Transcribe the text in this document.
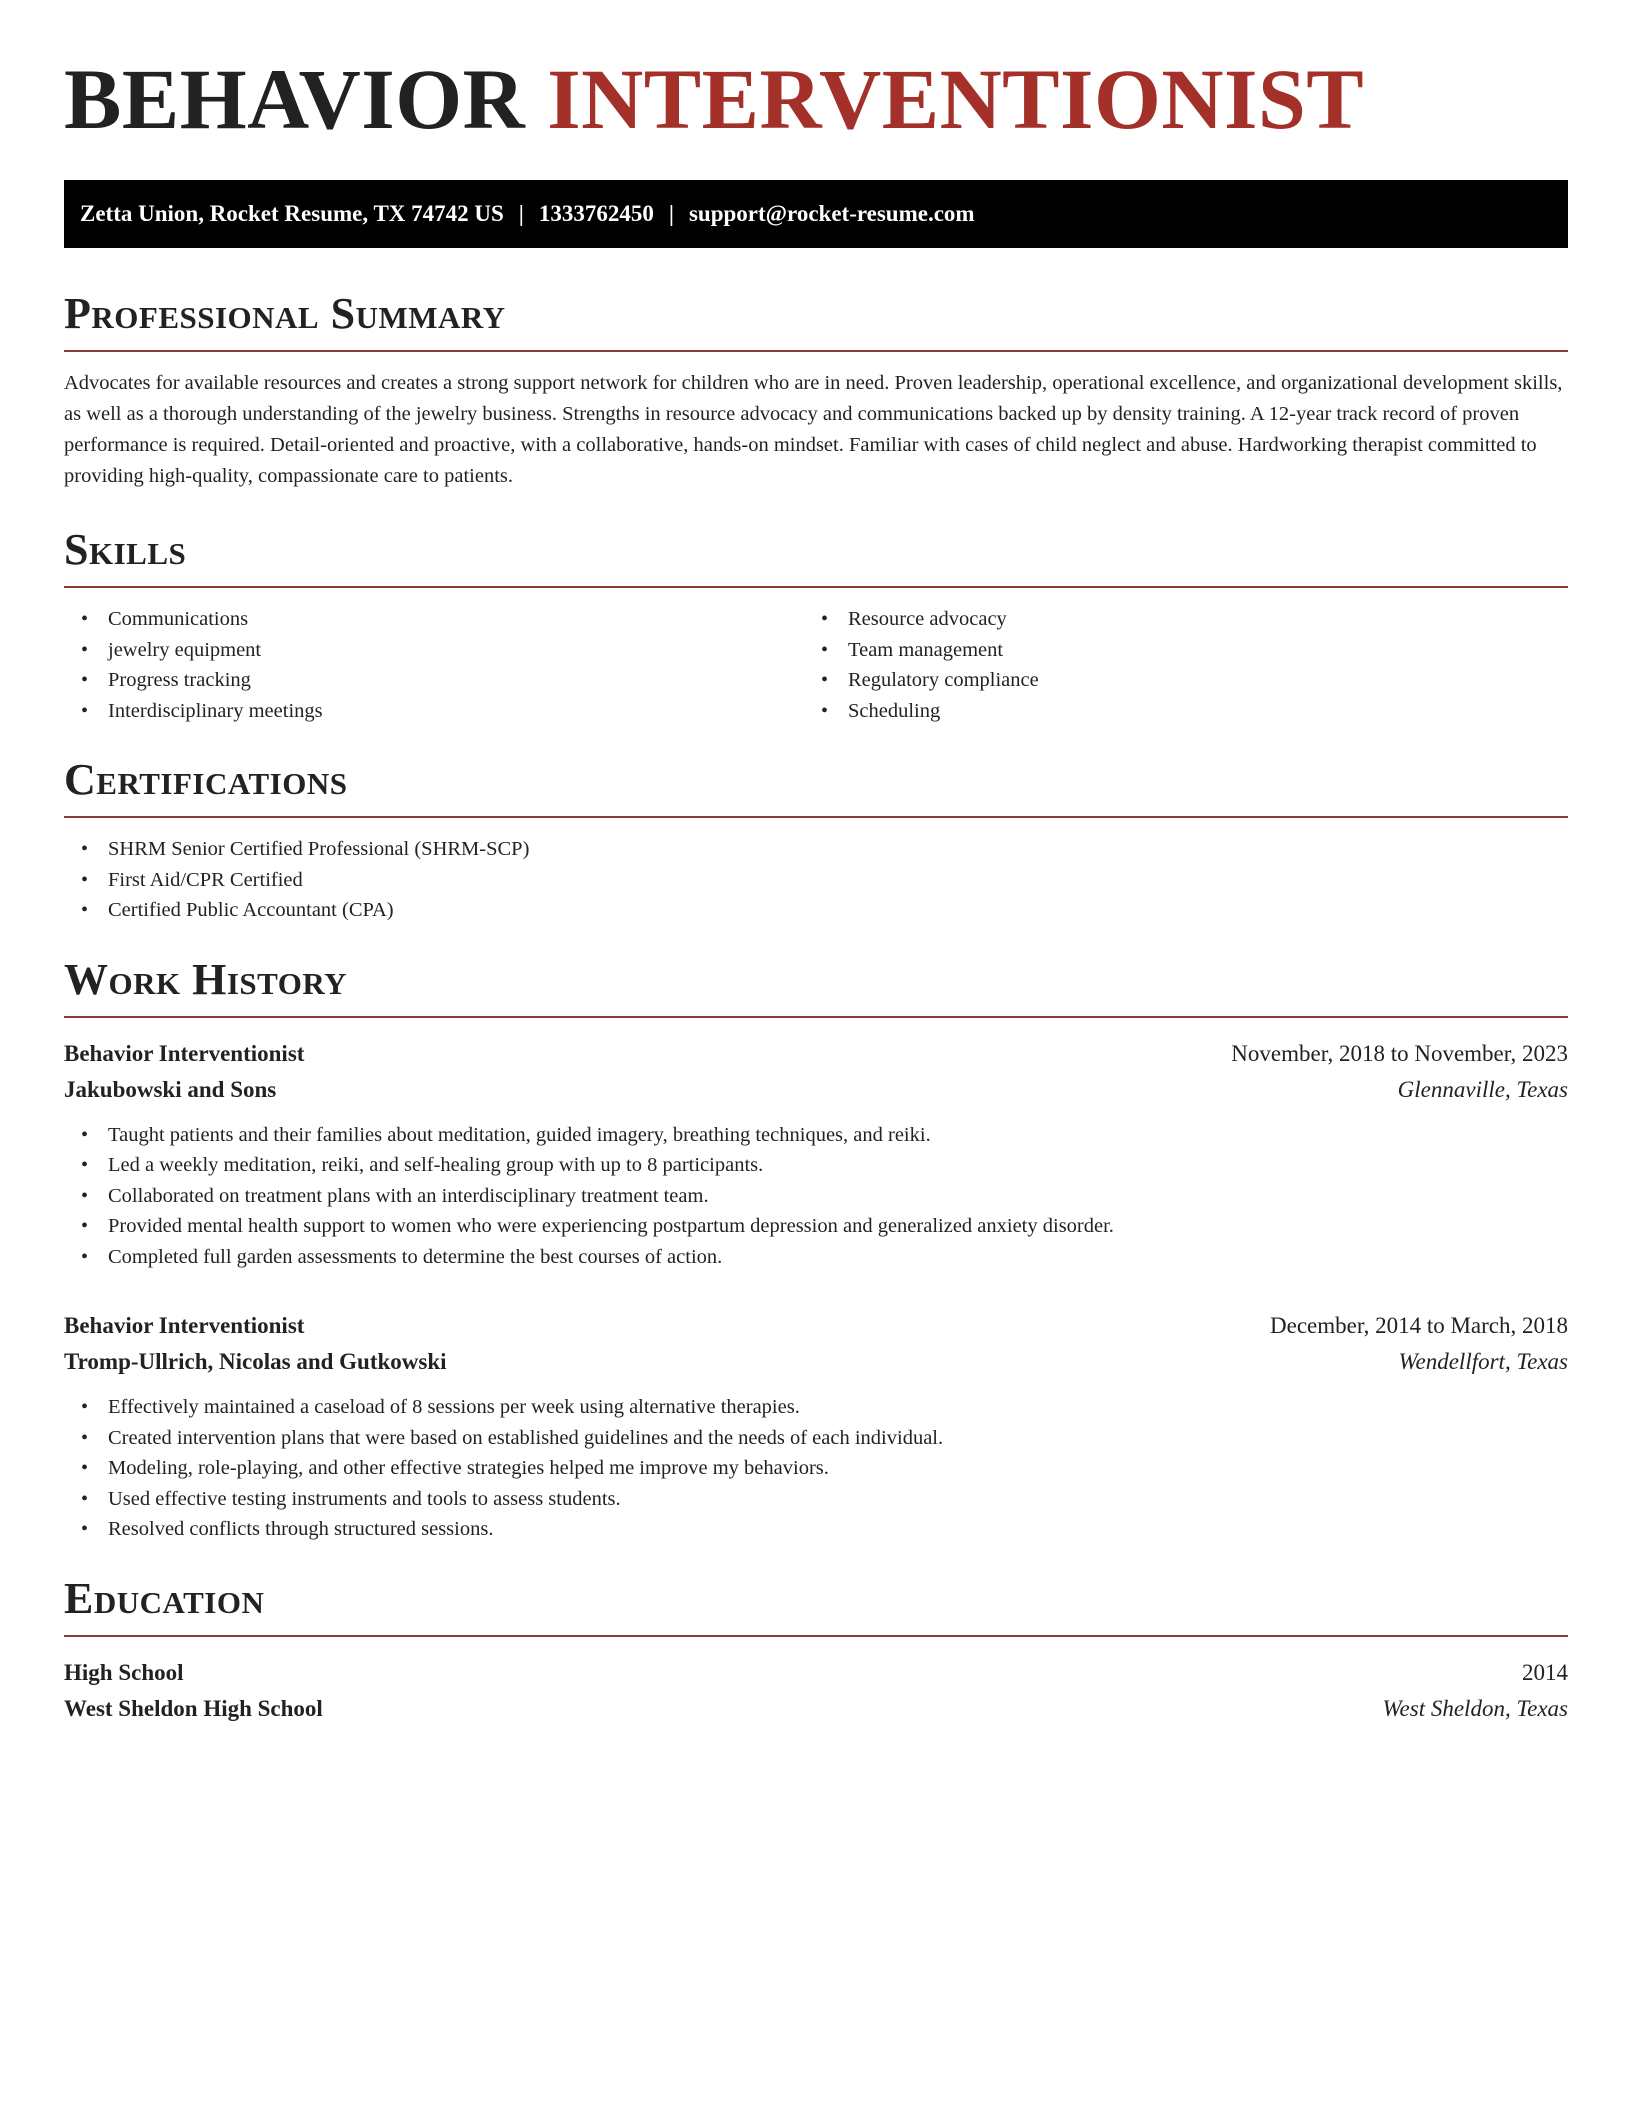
BEHAVIOR INTERVENTIONIST
Zetta Union, Rocket Resume, TX 74742 US | 1333762450 | support@rocket-resume.com
Professional Summary

Advocates for available resources and creates a strong support network for children who are in need. Proven leadership, operational excellence, and organizational development skills, as well as a thorough understanding of the jewelry business. Strengths in resource advocacy and communications backed up by density training. A 12-year track record of proven performance is required. Detail-oriented and proactive, with a collaborative, hands-on mindset. Familiar with cases of child neglect and abuse. Hardworking therapist committed to providing high-quality, compassionate care to patients.

Skills
• Communications
• jewelry equipment
• Progress tracking
• Interdisciplinary meetings
• Resource advocacy
• Team management
• Regulatory compliance
• Scheduling
Certifications
• SHRM Senior Certified Professional (SHRM-SCP)
• First Aid/CPR Certified
• Certified Public Accountant (CPA)
Work History
Behavior Interventionist	November, 2018 to November, 2023
Jakubowski and Sons	Glennaville, Texas
• Taught patients and their families about meditation, guided imagery, breathing techniques, and reiki.
• Led a weekly meditation, reiki, and self-healing group with up to 8 participants.
• Collaborated on treatment plans with an interdisciplinary treatment team.
• Provided mental health support to women who were experiencing postpartum depression and generalized anxiety disorder.
• Completed full garden assessments to determine the best courses of action.
Behavior Interventionist	December, 2014 to March, 2018
Tromp-Ullrich, Nicolas and Gutkowski	Wendellfort, Texas
• Effectively maintained a caseload of 8 sessions per week using alternative therapies.
• Created intervention plans that were based on established guidelines and the needs of each individual.
• Modeling, role-playing, and other effective strategies helped me improve my behaviors.
• Used effective testing instruments and tools to assess students.
• Resolved conflicts through structured sessions.
Education
High School	2014
West Sheldon High School	West Sheldon, Texas
